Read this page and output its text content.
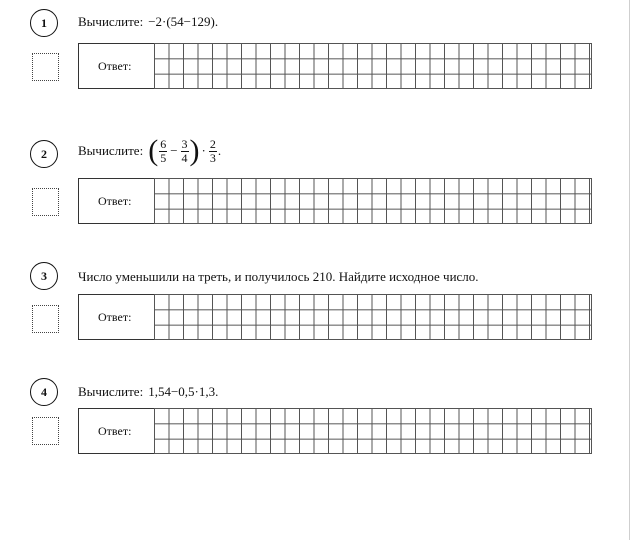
1 Вычислите: −2·(54−129).
Ответ:
2 Вычислите: ( $\frac{6}{5} - \frac{3}{4}$ ) · $\frac{2}{3}$ .
Ответ:
3 Число уменьшили на треть, и получилось 210. Найдите исходное число.
Ответ:
4 Вычислите: 1,54−0,5·1,3.
Ответ:
